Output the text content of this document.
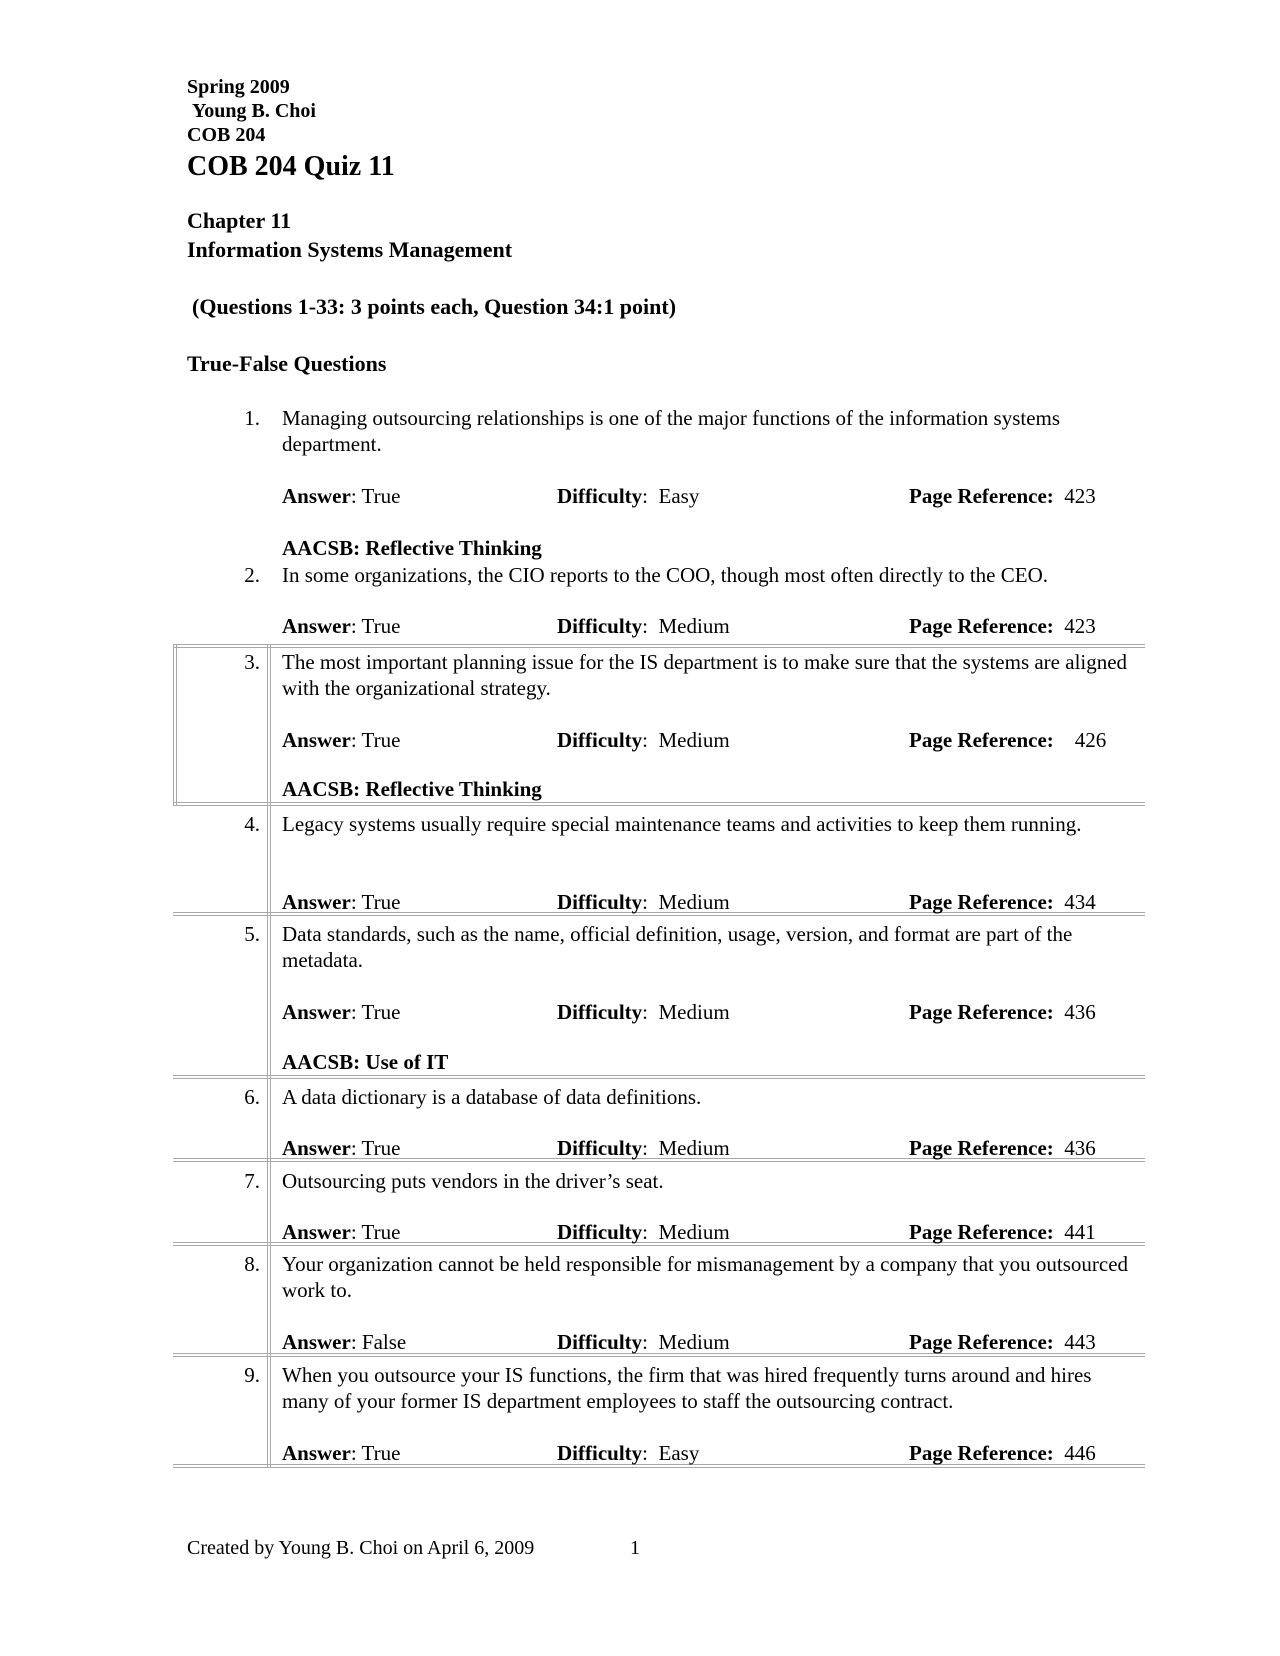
Spring 2009
Young B. Choi
COB 204
COB 204 Quiz 11
Chapter 11
Information Systems Management
(Questions 1-33: 3 points each, Question 34:1 point)
True-False Questions
1. Managing outsourcing relationships is one of the major functions of the information systems department.
Answer: True	Difficulty:  Easy	Page Reference: 423
AACSB: Reflective Thinking
2. In some organizations, the CIO reports to the COO, though most often directly to the CEO.
Answer: True	Difficulty:  Medium	Page Reference: 423
3. The most important planning issue for the IS department is to make sure that the systems are aligned with the organizational strategy.
Answer: True	Difficulty:  Medium	Page Reference: 426
AACSB: Reflective Thinking
4. Legacy systems usually require special maintenance teams and activities to keep them running.
Answer: True	Difficulty:  Medium	Page Reference: 434
5. Data standards, such as the name, official definition, usage, version, and format are part of the metadata.
Answer: True	Difficulty:  Medium	Page Reference: 436
AACSB: Use of IT
6. A data dictionary is a database of data definitions.
Answer: True	Difficulty:  Medium	Page Reference: 436
7. Outsourcing puts vendors in the driver’s seat.
Answer: True	Difficulty:  Medium	Page Reference: 441
8. Your organization cannot be held responsible for mismanagement by a company that you outsourced work to.
Answer: False	Difficulty:  Medium	Page Reference: 443
9. When you outsource your IS functions, the firm that was hired frequently turns around and hires many of your former IS department employees to staff the outsourcing contract.
Answer: True	Difficulty:  Easy	Page Reference: 446
Created by Young B. Choi on April 6, 2009	1
